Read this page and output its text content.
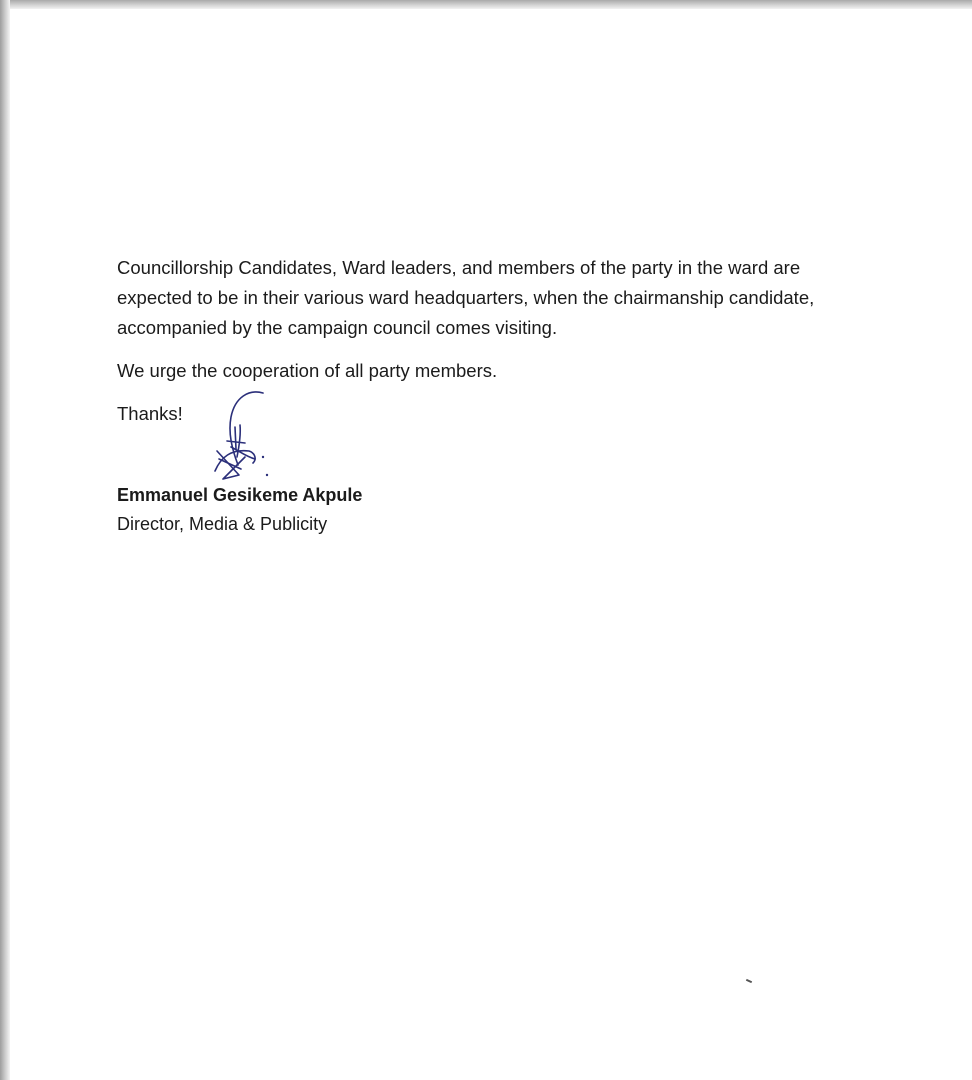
Councillorship Candidates, Ward leaders, and members of the party in the ward are expected to be in their various ward headquarters, when the chairmanship candidate, accompanied by the campaign council comes visiting.

We urge the cooperation of all party members.

Thanks!

Emmanuel Gesikeme Akpule
Director, Media & Publicity
